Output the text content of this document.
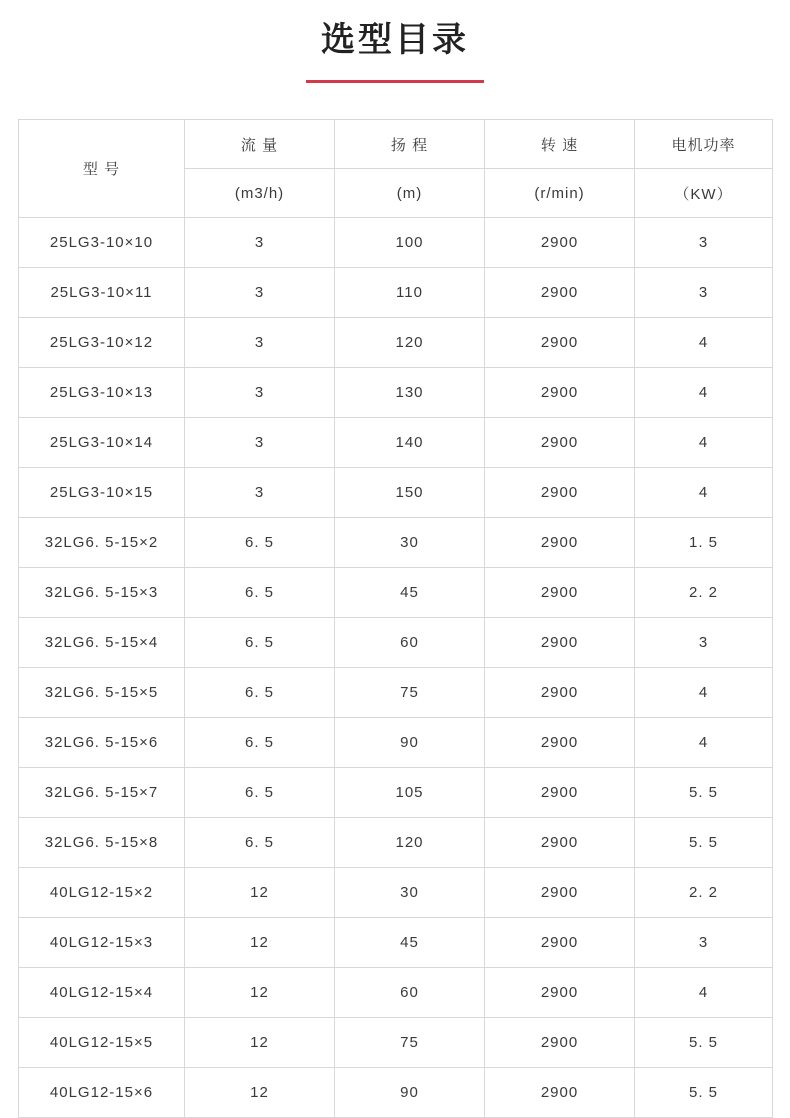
选型目录
型 号	流 量	扬 程	转 速	电机功率
	(m3/h)	(m)	(r/min)	（KW）
25LG3-10×10	3	100	2900	3
25LG3-10×11	3	110	2900	3
25LG3-10×12	3	120	2900	4
25LG3-10×13	3	130	2900	4
25LG3-10×14	3	140	2900	4
25LG3-10×15	3	150	2900	4
32LG6. 5-15×2	6. 5	30	2900	1. 5
32LG6. 5-15×3	6. 5	45	2900	2. 2
32LG6. 5-15×4	6. 5	60	2900	3
32LG6. 5-15×5	6. 5	75	2900	4
32LG6. 5-15×6	6. 5	90	2900	4
32LG6. 5-15×7	6. 5	105	2900	5. 5
32LG6. 5-15×8	6. 5	120	2900	5. 5
40LG12-15×2	12	30	2900	2. 2
40LG12-15×3	12	45	2900	3
40LG12-15×4	12	60	2900	4
40LG12-15×5	12	75	2900	5. 5
40LG12-15×6	12	90	2900	5. 5
